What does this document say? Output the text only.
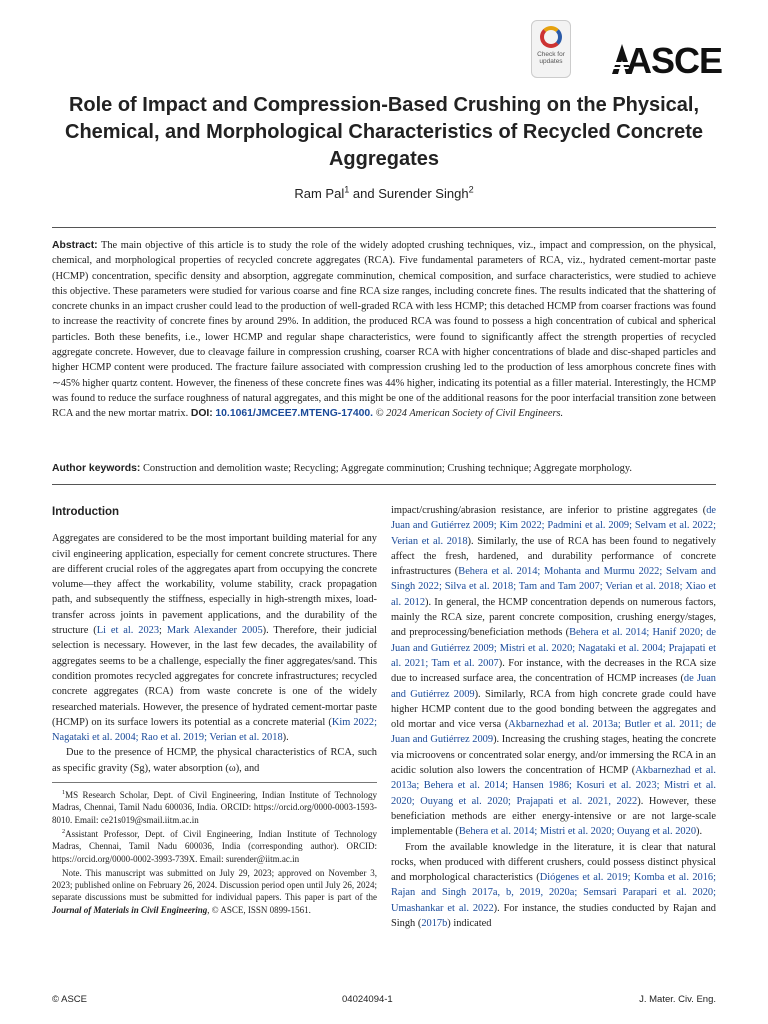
Check for updates ASCE
Role of Impact and Compression-Based Crushing on the Physical, Chemical, and Morphological Characteristics of Recycled Concrete Aggregates
Ram Pal$^1$ and Surender Singh$^2$
Abstract: The main objective of this article is to study the role of the widely adopted crushing techniques, viz., impact and compression, on the physical, chemical, and morphological properties of recycled concrete aggregates (RCA). Five fundamental parameters of RCA, viz., hydrated cement-mortar paste (HCMP) concentration, specific density and absorption, aggregate comminution, chemical composition, and surface characteristics, were studied to achieve this objective. These parameters were studied for various coarse and fine RCA size ranges, including concrete fines. The results indicated that the shattering of concrete chunks in an impact crusher could lead to the production of well-graded RCA with less HCMP; this detached HCMP from coarser fractions was found to increase the reactivity of concrete fines by around 29%. In addition, the produced RCA was found to possess a high concentration of cubical and spherical particles. Both these benefits, i.e., lower HCMP and regular shape characteristics, were found to significantly affect the strength properties of recycled aggregate concrete. However, due to cleavage failure in compression crushing, coarser RCA with higher concentrations of blade and disc-shaped particles and higher HCMP content were produced. The fracture failure associated with compression crushing led to the production of less amorphous concrete fines with ∼45% higher quartz content. However, the fineness of these concrete fines was 44% higher, indicating its potential as a filler material. Interestingly, the HCMP was found to reduce the surface roughness of natural aggregates, and this might be one of the additional reasons for the poor interfacial transition zone between RCA and the new mortar matrix. DOI: 10.1061/JMCEE7.MTENG-17400. © 2024 American Society of Civil Engineers.
Author keywords: Construction and demolition waste; Recycling; Aggregate comminution; Crushing technique; Aggregate morphology.
Introduction

Aggregates are considered to be the most important building material for any civil engineering application, especially for cement concrete structures. There are different crucial roles of the aggregates apart from occupying the concrete volume—they affect the workability, volume stability, crack propagation path, and subsequently the stiffness, especially in high-strength mixes, load-transfer across joints in pavement applications, and the durability of the structure (Li et al. 2023; Mark Alexander 2005). Therefore, their judicial selection is necessary. However, in the last few decades, the availability of aggregates seems to be a challenge, especially the finer aggregates/sand. This condition promotes recycled aggregates for concrete infrastructures; recycled concrete aggregates (RCA) from waste concrete is one of the widely researched materials. However, the presence of hydrated cement-mortar paste (HCMP) on its surface lowers its potential as a concrete material (Kim 2022; Nagataki et al. 2004; Rao et al. 2019; Verian et al. 2018).

Due to the presence of HCMP, the physical characteristics of RCA, such as specific gravity (Sg), water absorption (ω), and

$^1$MS Research Scholar, Dept. of Civil Engineering, Indian Institute of Technology Madras, Chennai, Tamil Nadu 600036, India. ORCID: https://orcid.org/0000-0003-1593-8010. Email: ce21s019@smail.iitm.ac.in

$^2$Assistant Professor, Dept. of Civil Engineering, Indian Institute of Technology Madras, Chennai, Tamil Nadu 600036, India (corresponding author). ORCID: https://orcid.org/0000-0002-3993-739X. Email: surender@iitm.ac.in

Note. This manuscript was submitted on July 29, 2023; approved on November 3, 2023; published online on February 26, 2024. Discussion period open until July 26, 2024; separate discussions must be submitted for individual papers. This paper is part of the Journal of Materials in Civil Engineering, © ASCE, ISSN 0899-1561.

impact/crushing/abrasion resistance, are inferior to pristine aggregates (de Juan and Gutiérrez 2009; Kim 2022; Padmini et al. 2009; Selvam et al. 2022; Verian et al. 2018). Similarly, the use of RCA has been found to negatively affect the fresh, hardened, and durability performance of concrete infrastructures (Behera et al. 2014; Mohanta and Murmu 2022; Selvam and Singh 2022; Silva et al. 2018; Tam and Tam 2007; Verian et al. 2018; Xiao et al. 2012). In general, the HCMP concentration depends on numerous factors, mainly the RCA size, parent concrete composition, crushing energy/stages, and preprocessing/beneficiation methods (Behera et al. 2014; Hanif 2020; de Juan and Gutiérrez 2009; Mistri et al. 2020; Nagataki et al. 2004; Prajapati et al. 2021; Tam et al. 2007). For instance, with the decreases in the RCA size due to increased surface area, the concentration of HCMP increases (de Juan and Gutiérrez 2009). Similarly, RCA from high concrete grade could have higher HCMP content due to the good bonding between the aggregates and old mortar and vice versa (Akbarnezhad et al. 2013a; Butler et al. 2011; de Juan and Gutiérrez 2009). Increasing the crushing stages, heating the concrete via microovens or concentrated solar energy, and/or immersing the RCA in an acidic solution also lowers the concentration of HCMP (Akbarnezhad et al. 2013a; Behera et al. 2014; Hansen 1986; Kosuri et al. 2023; Mistri et al. 2020; Ouyang et al. 2020; Prajapati et al. 2021, 2022). However, these beneficiation methods are either energy-intensive or are not large-scale implementable (Behera et al. 2014; Mistri et al. 2020; Ouyang et al. 2020).

From the available knowledge in the literature, it is clear that natural rocks, when produced with different crushers, could possess distinct physical and morphological characteristics (Diógenes et al. 2019; Komba et al. 2016; Rajan and Singh 2017a, b, 2019, 2020a; Semsari Parapari et al. 2020; Umashankar et al. 2022). For instance, the studies conducted by Rajan and Singh (2017b) indicated

© ASCE	04024094-1	J. Mater. Civ. Eng.
